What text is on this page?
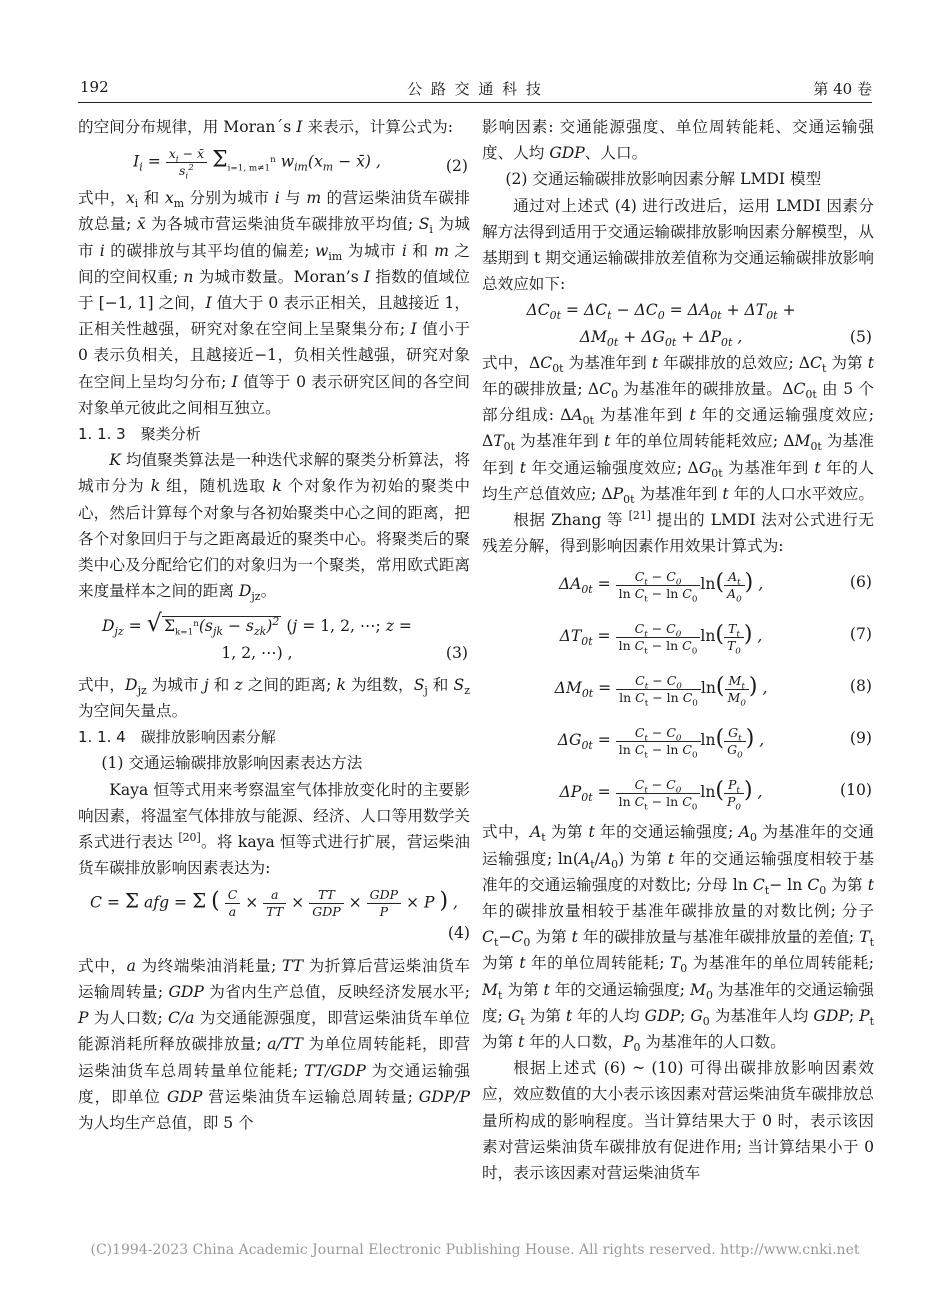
192	公 路 交 通 科 技	第 40 卷

的空间分布规律，用 Moran´s I 来表示，计算公式为:

$I_i = \frac{x_i - x̄}{s_i^2} \Sigma_{i=1, m\ne 1}^n$ $w_{im}(x_m$ − x̄) ,	(2)

式中，$x_i$ 和 $x_m$ 分别为城市 i 与 m 的营运柴油货车碳排放总量; x̄ 为各城市营运柴油货车碳排放平均值; $S_i$ 为城市 i 的碳排放与其平均值的偏差; $w_{im}$ 为城市 i 和 m 之间的空间权重; n 为城市数量。Moran’s I 指数的值域位于 [−1, 1] 之间，I 值大于 0 表示正相关，且越接近 1，正相关性越强，研究对象在空间上呈聚集分布; I 值小于 0 表示负相关，且越接近−1，负相关性越强，研究对象在空间上呈均匀分布; I 值等于 0 表示研究区间的各空间对象单元彼此之间相互独立。

1. 1. 3　聚类分析

K 均值聚类算法是一种迭代求解的聚类分析算法，将城市分为 k 组，随机选取 k 个对象作为初始的聚类中心，然后计算每个对象与各初始聚类中心之间的距离，把各个对象回归于与之距离最近的聚类中心。将聚类后的聚类中心及分配给它们的对象归为一个聚类，常用欧式距离来度量样本之间的距离 $D_{jz}$。

$D_{jz}$ = √ $\Sigma_{k=1}^n(s_{jk} - s_{zk})^2$ (j = 1, 2, ⋯; z =
1, 2, ⋯) ,	(3)

式中，$D_{jz}$ 为城市 j 和 z 之间的距离; k 为组数，$S_j$ 和 $S_z$ 为空间矢量点。

1. 1. 4　碳排放影响因素分解

(1) 交通运输碳排放影响因素表达方法

Kaya 恒等式用来考察温室气体排放变化时的主要影响因素，将温室气体排放与能源、经济、人口等用数学关系式进行表达 [20]。将 kaya 恒等式进行扩展，营运柴油货车碳排放影响因素表达为:

C = Σ afg = Σ ( $\frac{C}{a} \times \frac{a}{TT} \times \frac{TT}{\text{GDP}} \times \frac{\text{GDP}}{P} \times P$ ) ,
(4)

式中，a 为终端柴油消耗量; TT 为折算后营运柴油货车运输周转量; GDP 为省内生产总值，反映经济发展水平; P 为人口数; C/a 为交通能源强度，即营运柴油货车单位能源消耗所释放碳排放量; a/TT 为单位周转能耗，即营运柴油货车总周转量单位能耗; TT/GDP 为交通运输强度，即单位 GDP 营运柴油货车运输总周转量; GDP/P 为人均生产总值，即 5 个

影响因素: 交通能源强度、单位周转能耗、交通运输强度、人均 GDP、人口。

(2) 交通运输碳排放影响因素分解 LMDI 模型

通过对上述式 (4) 进行改进后，运用 LMDI 因素分解方法得到适用于交通运输碳排放影响因素分解模型，从基期到 t 期交通运输碳排放差值称为交通运输碳排放影响总效应如下:

$\Delta C_{0t} = \Delta C_t - \Delta C_0 = \Delta A_{0t} + \Delta T_{0t}$ +
$\Delta M_{0t} + \Delta G_{0t} + \Delta P_{0t}$ ,	(5)

式中，$\Delta C_{0t}$ 为基准年到 t 年碳排放的总效应; $\Delta C_t$ 为第 t 年的碳排放量; $\Delta C_0$ 为基准年的碳排放量。$\Delta C_{0t}$ 由 5 个部分组成: $\Delta A_{0t}$ 为基准年到 t 年的交通运输强度效应; $\Delta T_{0t}$ 为基准年到 t 年的单位周转能耗效应; $\Delta M_{0t}$ 为基准年到 t 年交通运输强度效应; $\Delta G_{0t}$ 为基准年到 t 年的人均生产总值效应; $\Delta P_{0t}$ 为基准年到 t 年的人口水平效应。

根据 Zhang 等 [21] 提出的 LMDI 法对公式进行无残差分解，得到影响因素作用效果计算式为:

$\Delta A_{0t} = \frac{C_t - C_0}{\ln C_t - \ln C_0} \ln( \frac{A_t}{A_0}$ ) ,	(6)
$\Delta T_{0t} = \frac{C_t - C_0}{\ln C_t - \ln C_0} \ln( \frac{T_t}{T_0}$ ) ,	(7)
$\Delta M_{0t} = \frac{C_t - C_0}{\ln C_t - \ln C_0} \ln( \frac{M_t}{M_0}$ ) ,	(8)
$\Delta G_{0t} = \frac{C_t - C_0}{\ln C_t - \ln C_0} \ln( \frac{G_t}{G_0}$ ) ,	(9)
$\Delta P_{0t} = \frac{C_t - C_0}{\ln C_t - \ln C_0} \ln( \frac{P_t}{P_0}$ ) ,	(10)

式中，$A_t$ 为第 t 年的交通运输强度; $A_0$ 为基准年的交通运输强度; $\ln(A_t/A_0)$ 为第 t 年的交通运输强度相较于基准年的交通运输强度的对数比; 分母 $\ln C_t- \ln C_0$ 为第 t 年的碳排放量相较于基准年碳排放量的对数比例; 分子 $C_t-C_0$ 为第 t 年的碳排放量与基准年碳排放量的差值; $T_t$ 为第 t 年的单位周转能耗; $T_0$ 为基准年的单位周转能耗; $M_t$ 为第 t 年的交通运输强度; $M_0$ 为基准年的交通运输强度; $G_t$ 为第 t 年的人均 GDP; $G_0$ 为基准年人均 GDP; $P_t$ 为第 t 年的人口数，$P_0$ 为基准年的人口数。

根据上述式 (6) ~ (10) 可得出碳排放影响因素效应，效应数值的大小表示该因素对营运柴油货车碳排放总量所构成的影响程度。当计算结果大于 0 时，表示该因素对营运柴油货车碳排放有促进作用; 当计算结果小于 0 时，表示该因素对营运柴油货车

(C)1994-2023 China Academic Journal Electronic Publishing House. All rights reserved. http://www.cnki.net
